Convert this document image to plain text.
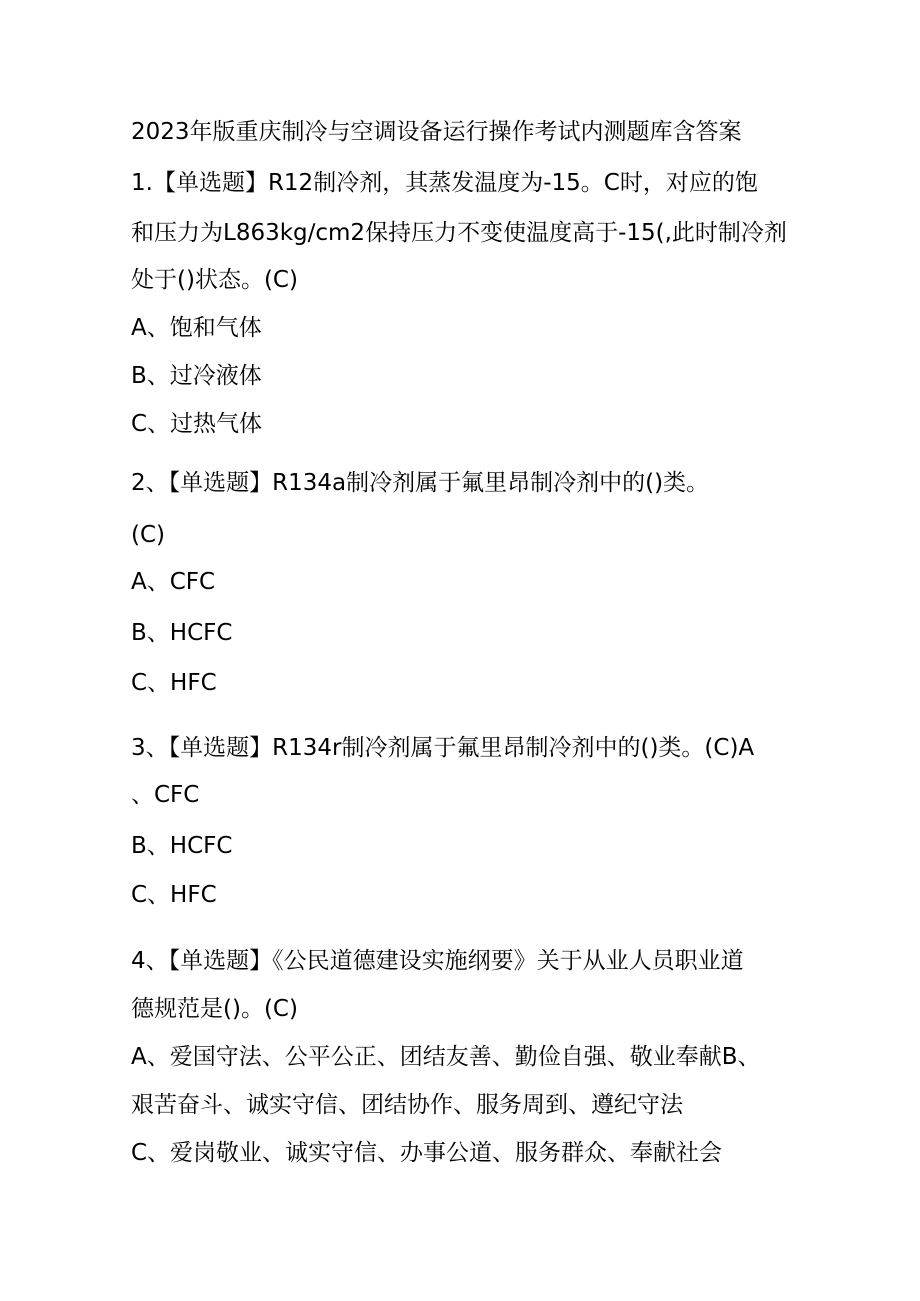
2023年版重庆制冷与空调设备运行操作考试内测题库含答案
1.【单选题】R12制冷剂，其蒸发温度为-15。C时，对应的饱
和压力为L863kg∕cm2保持压力不变使温度高于-15(,此时制冷剂
处于()状态。(C)
A、饱和气体
B、过冷液体
C、过热气体
2、【单选题】R134a制冷剂属于氟里昂制冷剂中的()类。
(C)
A、CFC
B、HCFC
C、HFC
3、【单选题】R134r制冷剂属于氟里昂制冷剂中的()类。(C)A
、CFC
B、HCFC
C、HFC
4、【单选题】《公民道德建设实施纲要》关于从业人员职业道
德规范是()。(C)
A、爱国守法、公平公正、团结友善、勤俭自强、敬业奉献B、
艰苦奋斗、诚实守信、团结协作、服务周到、遵纪守法
C、爱岗敬业、诚实守信、办事公道、服务群众、奉献社会
